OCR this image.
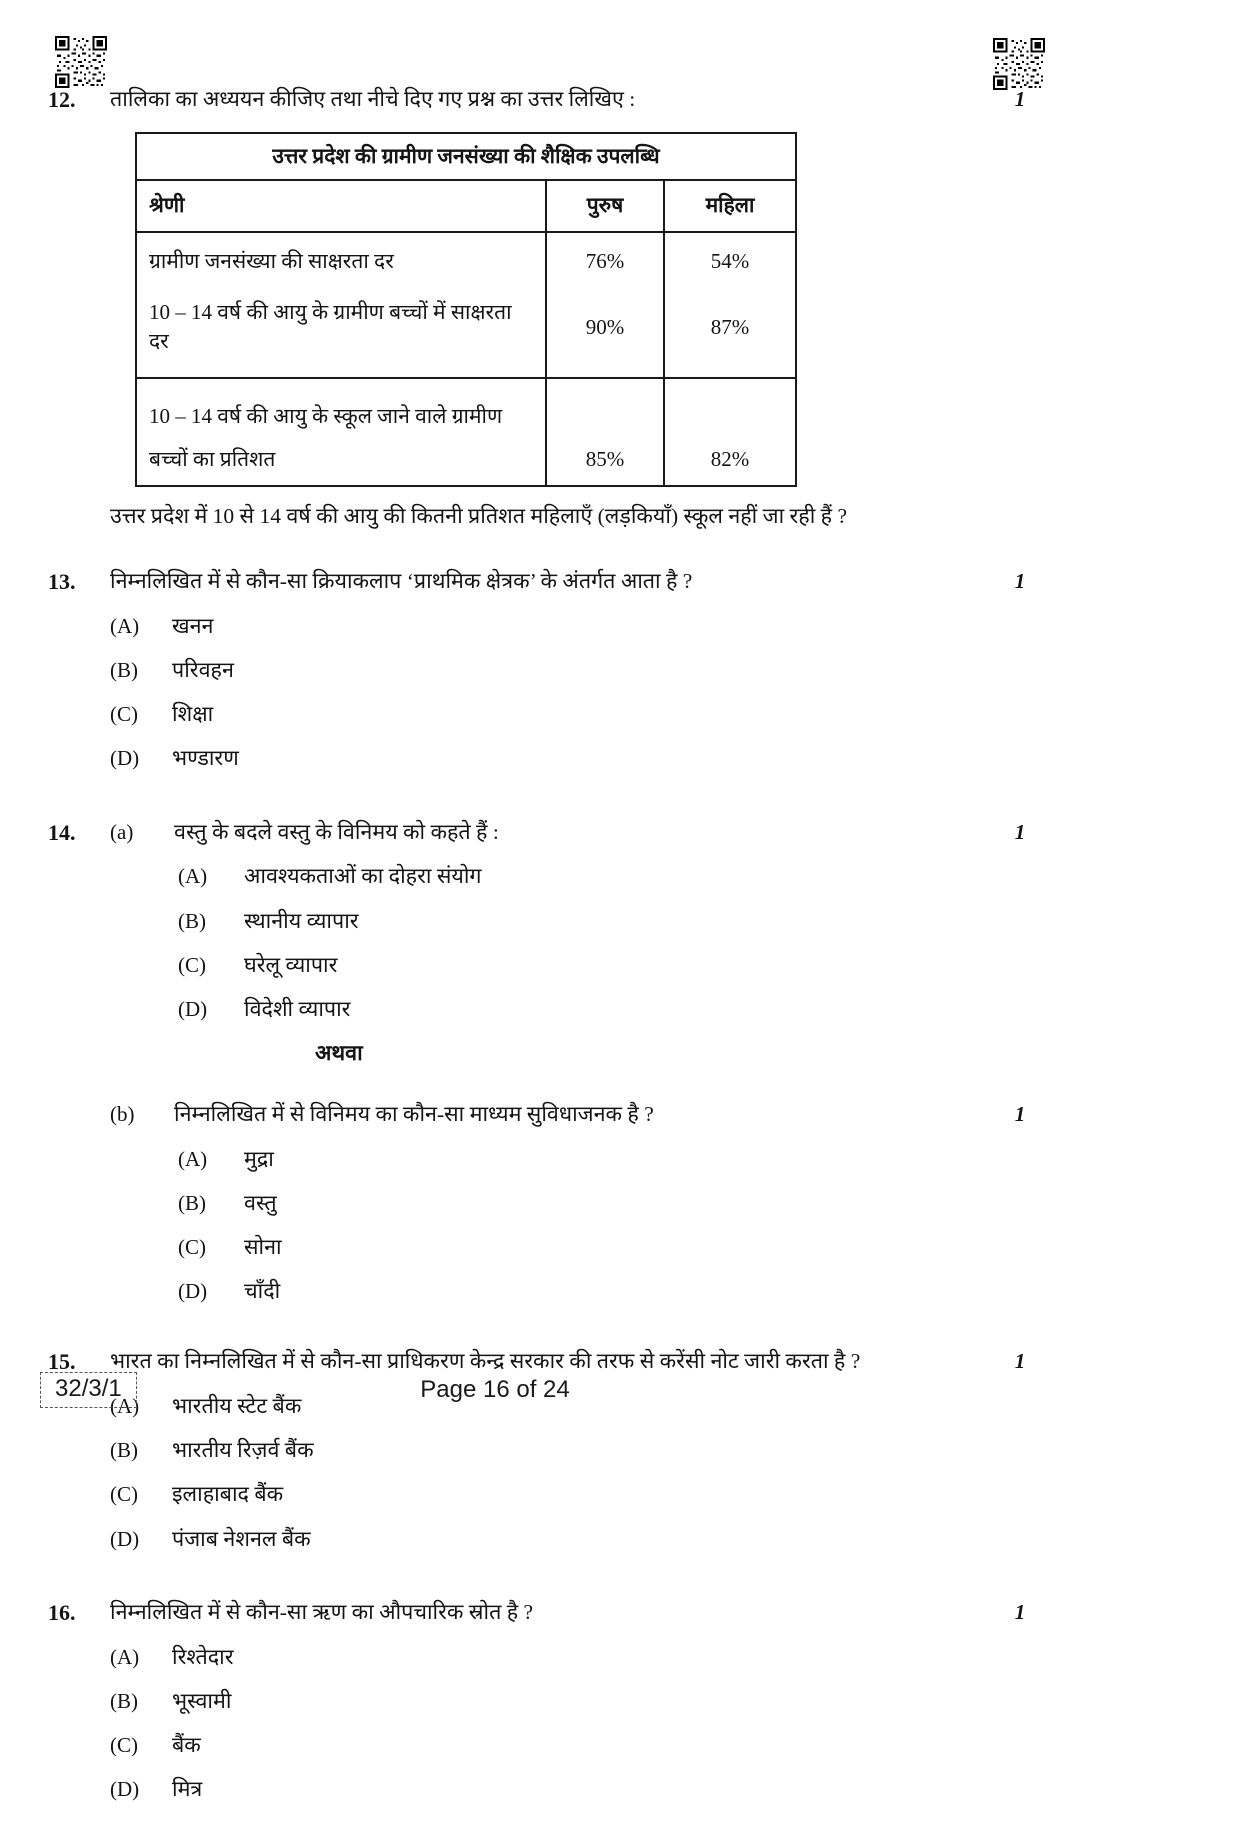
12.	तालिका का अध्ययन कीजिए तथा नीचे दिए गए प्रश्न का उत्तर लिखिए :	1
उत्तर प्रदेश की ग्रामीण जनसंख्या की शैक्षिक उपलब्धि		
श्रेणी	पुरुष	महिला
ग्रामीण जनसंख्या की साक्षरता दर	76%	54%
10 – 14 वर्ष की आयु के ग्रामीण बच्चों में साक्षरता दर	90%	87%
10 – 14 वर्ष की आयु के स्कूल जाने वाले ग्रामीण
बच्चों का प्रतिशत	85%	82%
उत्तर प्रदेश में 10 से 14 वर्ष की आयु की कितनी प्रतिशत महिलाएँ (लड़कियाँ) स्कूल नहीं जा रही हैं ?
13.	निम्नलिखित में से कौन-सा क्रियाकलाप ‘प्राथमिक क्षेत्रक’ के अंतर्गत आता है ?	1
(A)	खनन
(B)	परिवहन
(C)	शिक्षा
(D)	भण्डारण
14.	(a) वस्तु के बदले वस्तु के विनिमय को कहते हैं :	1
(A)	आवश्यकताओं का दोहरा संयोग
(B)	स्थानीय व्यापार
(C)	घरेलू व्यापार
(D)	विदेशी व्यापार
अथवा
(b) निम्नलिखित में से विनिमय का कौन-सा माध्यम सुविधाजनक है ?	1
(A)	मुद्रा
(B)	वस्तु
(C)	सोना
(D)	चाँदी
15.	भारत का निम्नलिखित में से कौन-सा प्राधिकरण केन्द्र सरकार की तरफ से करेंसी नोट जारी करता है ?	1
(A)	भारतीय स्टेट बैंक
(B)	भारतीय रिज़र्व बैंक
(C)	इलाहाबाद बैंक
(D)	पंजाब नेशनल बैंक
16.	निम्नलिखित में से कौन-सा ऋण का औपचारिक स्रोत है ?	1
(A)	रिश्तेदार
(B)	भूस्वामी
(C)	बैंक
(D)	मित्र
32/3/1	Page 16 of 24
